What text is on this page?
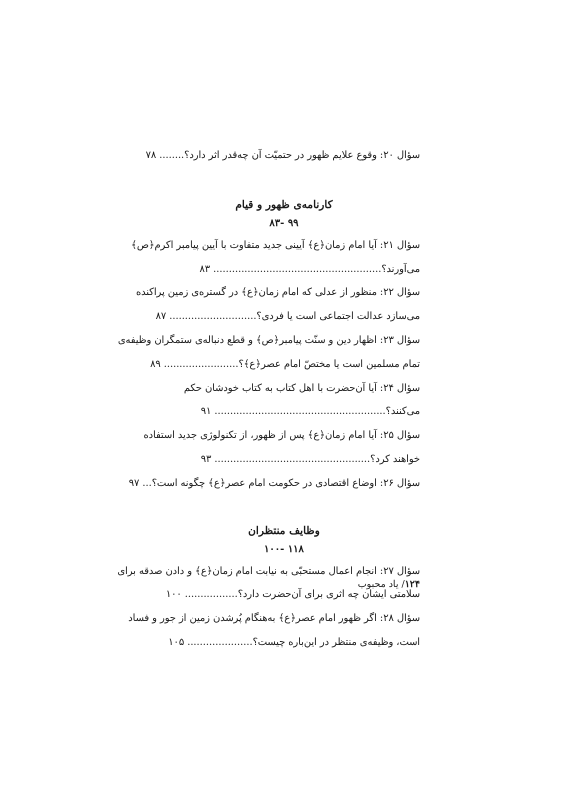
سؤال ۲۰: وقوع علایم ظهور در حتمیّت آن چه‌قدر اثر دارد؟........ ۷۸
کارنامه‌ی ظهور و قیام
۹۹ -۸۳
سؤال ۲۱: آیا امام زمان﴿ع﴾ آیینی جدید متفاوت با آیین پیامبر اکرم﴿ص﴾
می‌آورند؟...................................................... ۸۳
سؤال ۲۲: منظور از عدلی که امام زمان﴿ع﴾ در گستره‌ی زمین پراکنده
می‌سازد عدالت اجتماعی است یا فردی؟............................ ۸۷
سؤال ۲۳: اظهار دین و سنّت پیامبر﴿ص﴾ و قطع دنباله‌ی ستمگران وظیفه‌ی
تمام مسلمین است یا مختصّ امام عصر﴿ع﴾؟........................ ۸۹
سؤال ۲۴: آیا آن‌حضرت با اهل کتاب به کتاب خودشان حکم
می‌کنند؟....................................................... ۹۱
سؤال ۲۵: آیا امام زمان﴿ع﴾ پس از ظهور، از تکنولوژی جدید استفاده
خواهند کرد؟.................................................. ۹۳
سؤال ۲۶: اوضاع اقتصادی در حکومت امام عصر﴿ع﴾ چگونه است؟... ۹۷
وظایف منتظران
۱۱۸ -۱۰۰
سؤال ۲۷: انجام اعمال مستحبّی به نیابت امام زمان﴿ع﴾ و دادن صدقه برای
سلامتی ایشان چه اثری برای آن‌حضرت دارد؟................. ۱۰۰
سؤال ۲۸: اگر ظهور امام عصر﴿ع﴾ به‌هنگام پُرشدن زمین از جور و فساد
است، وظیفه‌ی منتظر در این‌باره چیست؟..................... ۱۰۵
۱۲۴/ یاد محبوب
